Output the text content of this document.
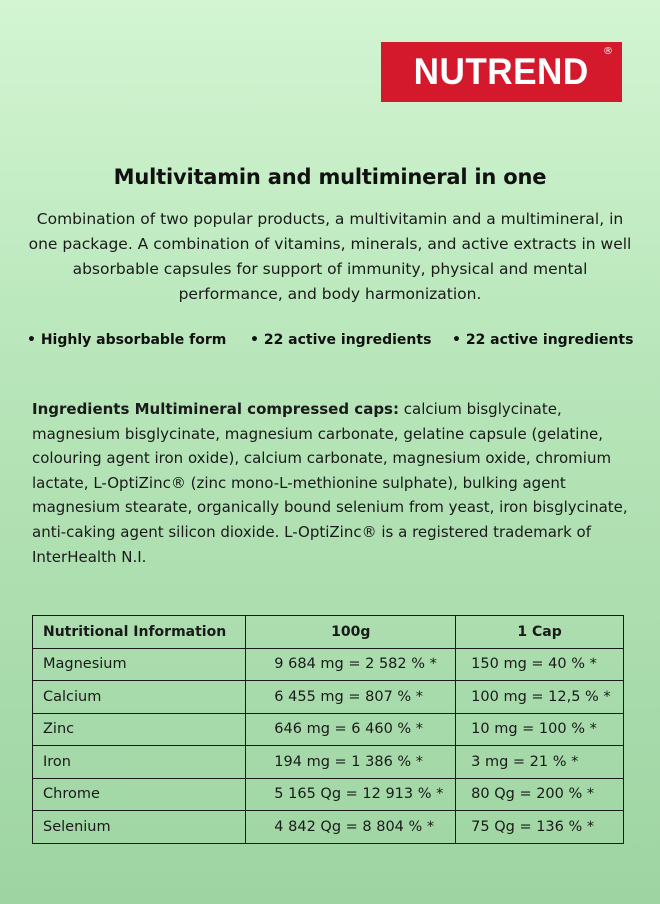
NUTREND ®
Multivitamin and multimineral in one
Combination of two popular products, a multivitamin and a multimineral, in one package. A combination of vitamins, minerals, and active extracts in well absorbable capsules for support of immunity, physical and mental performance, and body harmonization.
• Highly absorbable form • 22 active ingredients • 22 active ingredients
Ingredients Multimineral compressed caps: calcium bisglycinate, magnesium bisglycinate, magnesium carbonate, gelatine capsule (gelatine, colouring agent iron oxide), calcium carbonate, magnesium oxide, chromium lactate, L-OptiZinc® (zinc mono-L-methionine sulphate), bulking agent magnesium stearate, organically bound selenium from yeast, iron bisglycinate, anti-caking agent silicon dioxide. L-OptiZinc® is a registered trademark of InterHealth N.I.
Nutritional Information	100g	1 Cap
Magnesium	9 684 mg = 2 582 % *	150 mg = 40 % *
Calcium	6 455 mg = 807 % *	100 mg = 12,5 % *
Zinc	646 mg = 6 460 % *	10 mg = 100 % *
Iron	194 mg = 1 386 % *	3 mg = 21 % *
Chrome	5 165 Qg = 12 913 % *	80 Qg = 200 % *
Selenium	4 842 Qg = 8 804 % *	75 Qg = 136 % *
